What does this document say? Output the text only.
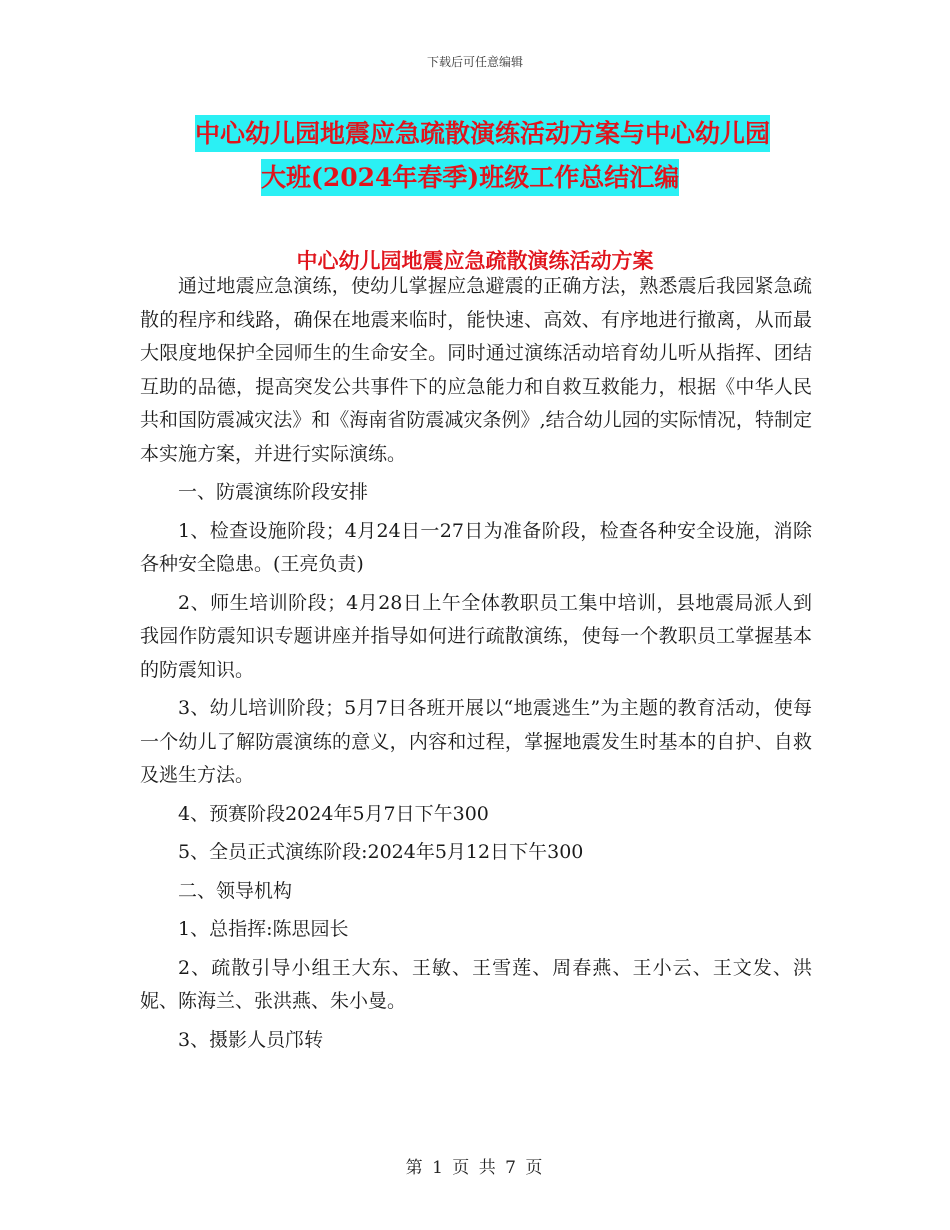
下载后可任意编辑
中心幼儿园地震应急疏散演练活动方案与中心幼儿园
大班(2024年春季)班级工作总结汇编
中心幼儿园地震应急疏散演练活动方案

通过地震应急演练，使幼儿掌握应急避震的正确方法，熟悉震后我园紧急疏散的程序和线路，确保在地震来临时，能快速、高效、有序地进行撤离，从而最大限度地保护全园师生的生命安全。同时通过演练活动培育幼儿听从指挥、团结互助的品德，提高突发公共事件下的应急能力和自救互救能力，根据《中华人民共和国防震减灾法》和《海南省防震减灾条例》,结合幼儿园的实际情况，特制定本实施方案，并进行实际演练。

一、防震演练阶段安排

1、检查设施阶段；4月24日一27日为准备阶段，检查各种安全设施，消除各种安全隐患。(王亮负责)

2、师生培训阶段；4月28日上午全体教职员工集中培训，县地震局派人到我园作防震知识专题讲座并指导如何进行疏散演练，使每一个教职员工掌握基本的防震知识。

3、幼儿培训阶段；5月7日各班开展以“地震逃生”为主题的教育活动，使每一个幼儿了解防震演练的意义，内容和过程，掌握地震发生时基本的自护、自救及逃生方法。

4、预赛阶段2024年5月7日下午300

5、全员正式演练阶段:2024年5月12日下午300

二、领导机构

1、总指挥:陈思园长

2、疏散引导小组王大东、王敏、王雪莲、周春燕、王小云、王文发、洪妮、陈海兰、张洪燕、朱小曼。

3、摄影人员邝转

第 1 页 共 7 页
